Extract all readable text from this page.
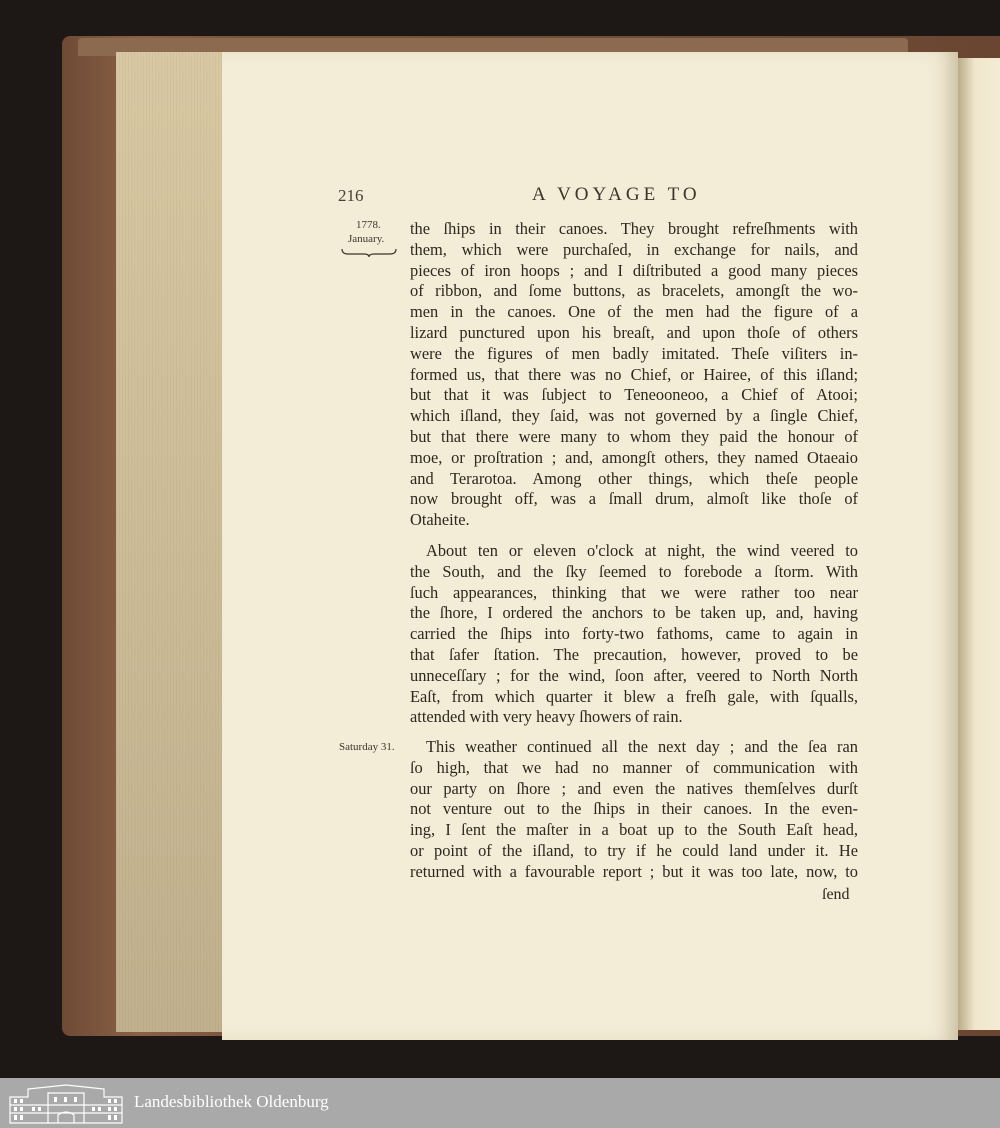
216	A VOYAGE TO
1778.
January.
Saturday 31.
the ſhips in their canoes. They brought refreſhments with
them, which were purchaſed, in exchange for nails, and
pieces of iron hoops ; and I diſtributed a good many pieces
of ribbon, and ſome buttons, as bracelets, amongſt the wo-
men in the canoes. One of the men had the figure of a
lizard punctured upon his breaſt, and upon thoſe of others
were the figures of men badly imitated. Theſe viſiters in-
formed us, that there was no Chief, or Hairee, of this iſland;
but that it was ſubject to Teneooneoo, a Chief of Atooi;
which iſland, they ſaid, was not governed by a ſingle Chief,
but that there were many to whom they paid the honour of
moe, or proſtration ; and, amongſt others, they named Otaeaio
and Terarotoa. Among other things, which theſe people
now brought off, was a ſmall drum, almoſt like thoſe of
Otaheite.
About ten or eleven o'clock at night, the wind veered to
the South, and the ſky ſeemed to forebode a ſtorm. With
ſuch appearances, thinking that we were rather too near
the ſhore, I ordered the anchors to be taken up, and, having
carried the ſhips into forty-two fathoms, came to again in
that ſafer ſtation. The precaution, however, proved to be
unneceſſary ; for the wind, ſoon after, veered to North North
Eaſt, from which quarter it blew a freſh gale, with ſqualls,
attended with very heavy ſhowers of rain.
This weather continued all the next day ; and the ſea ran
ſo high, that we had no manner of communication with
our party on ſhore ; and even the natives themſelves durſt
not venture out to the ſhips in their canoes. In the even-
ing, I ſent the maſter in a boat up to the South Eaſt head,
or point of the iſland, to try if he could land under it. He
returned with a favourable report ; but it was too late, now, to
ſend
Landesbibliothek Oldenburg
